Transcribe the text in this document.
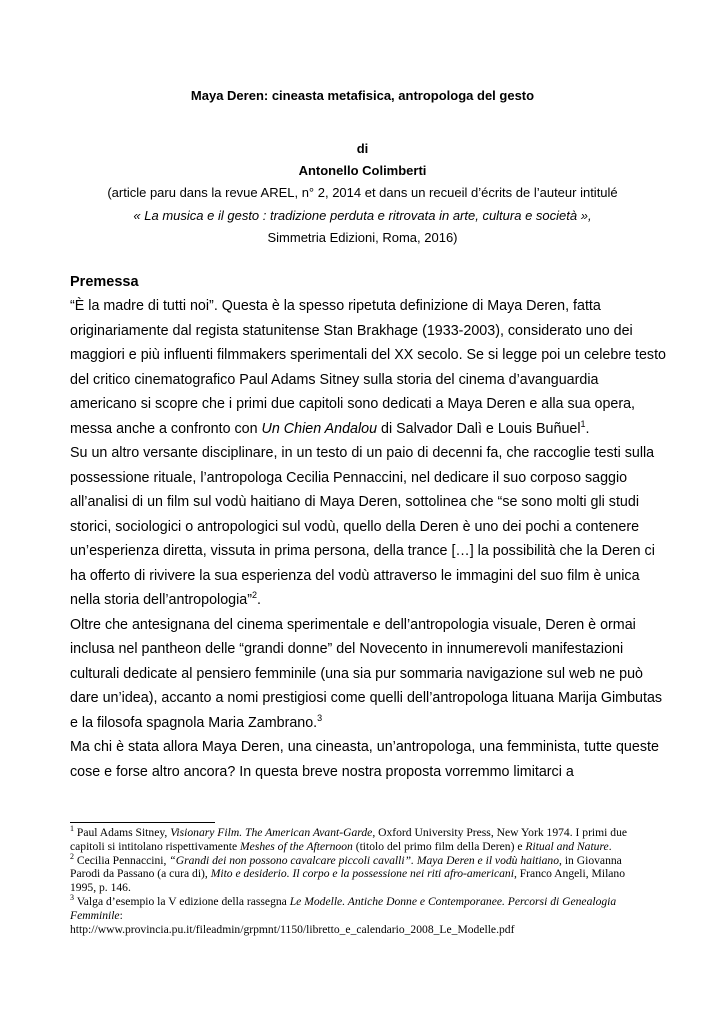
Maya Deren: cineasta metafisica, antropologa del gesto
di
Antonello Colimberti
(article paru dans la revue AREL, n° 2, 2014 et dans un recueil d’écrits de l’auteur intitulé
« La musica e il gesto : tradizione perduta e ritrovata in arte, cultura e società »,
Simmetria Edizioni, Roma, 2016)
Premessa

“È la madre di tutti noi”. Questa è la spesso ripetuta definizione di Maya Deren, fatta originariamente dal regista statunitense Stan Brakhage (1933-2003), considerato uno dei maggiori e più influenti filmmakers sperimentali del XX secolo. Se si legge poi un celebre testo del critico cinematografico Paul Adams Sitney sulla storia del cinema d’avanguardia americano si scopre che i primi due capitoli sono dedicati a Maya Deren e alla sua opera, messa anche a confronto con Un Chien Andalou di Salvador Dalì e Louis Buñuel$^1$.

Su un altro versante disciplinare, in un testo di un paio di decenni fa, che raccoglie testi sulla possessione rituale, l’antropologa Cecilia Pennaccini, nel dedicare il suo corposo saggio all’analisi di un film sul vodù haitiano di Maya Deren, sottolinea che “se sono molti gli studi storici, sociologici o antropologici sul vodù, quello della Deren è uno dei pochi a contenere un’esperienza diretta, vissuta in prima persona, della trance […] la possibilità che la Deren ci ha offerto di rivivere la sua esperienza del vodù attraverso le immagini del suo film è unica nella storia dell’antropologia”$^2$.

Oltre che antesignana del cinema sperimentale e dell’antropologia visuale, Deren è ormai inclusa nel pantheon delle “grandi donne” del Novecento in innumerevoli manifestazioni culturali dedicate al pensiero femminile (una sia pur sommaria navigazione sul web ne può dare un’idea), accanto a nomi prestigiosi come quelli dell’antropologa lituana Marija Gimbutas e la filosofa spagnola Maria Zambrano.$^3$

Ma chi è stata allora Maya Deren, una cineasta, un’antropologa, una femminista, tutte queste cose e forse altro ancora? In questa breve nostra proposta vorremmo limitarci a

$^1$ Paul Adams Sitney, Visionary Film. The American Avant-Garde, Oxford University Press, New York 1974. I primi due capitoli si intitolano rispettivamente Meshes of the Afternoon (titolo del primo film della Deren) e Ritual and Nature.

$^2$ Cecilia Pennaccini, “Grandi dei non possono cavalcare piccoli cavalli”. Maya Deren e il vodù haitiano, in Giovanna Parodi da Passano (a cura di), Mito e desiderio. Il corpo e la possessione nei riti afro-americani, Franco Angeli, Milano 1995, p. 146.

$^3$ Valga d’esempio la V edizione della rassegna Le Modelle. Antiche Donne e Contemporanee. Percorsi di Genealogia Femminile:

http://www.provincia.pu.it/fileadmin/grpmnt/1150/libretto_e_calendario_2008_Le_Modelle.pdf
